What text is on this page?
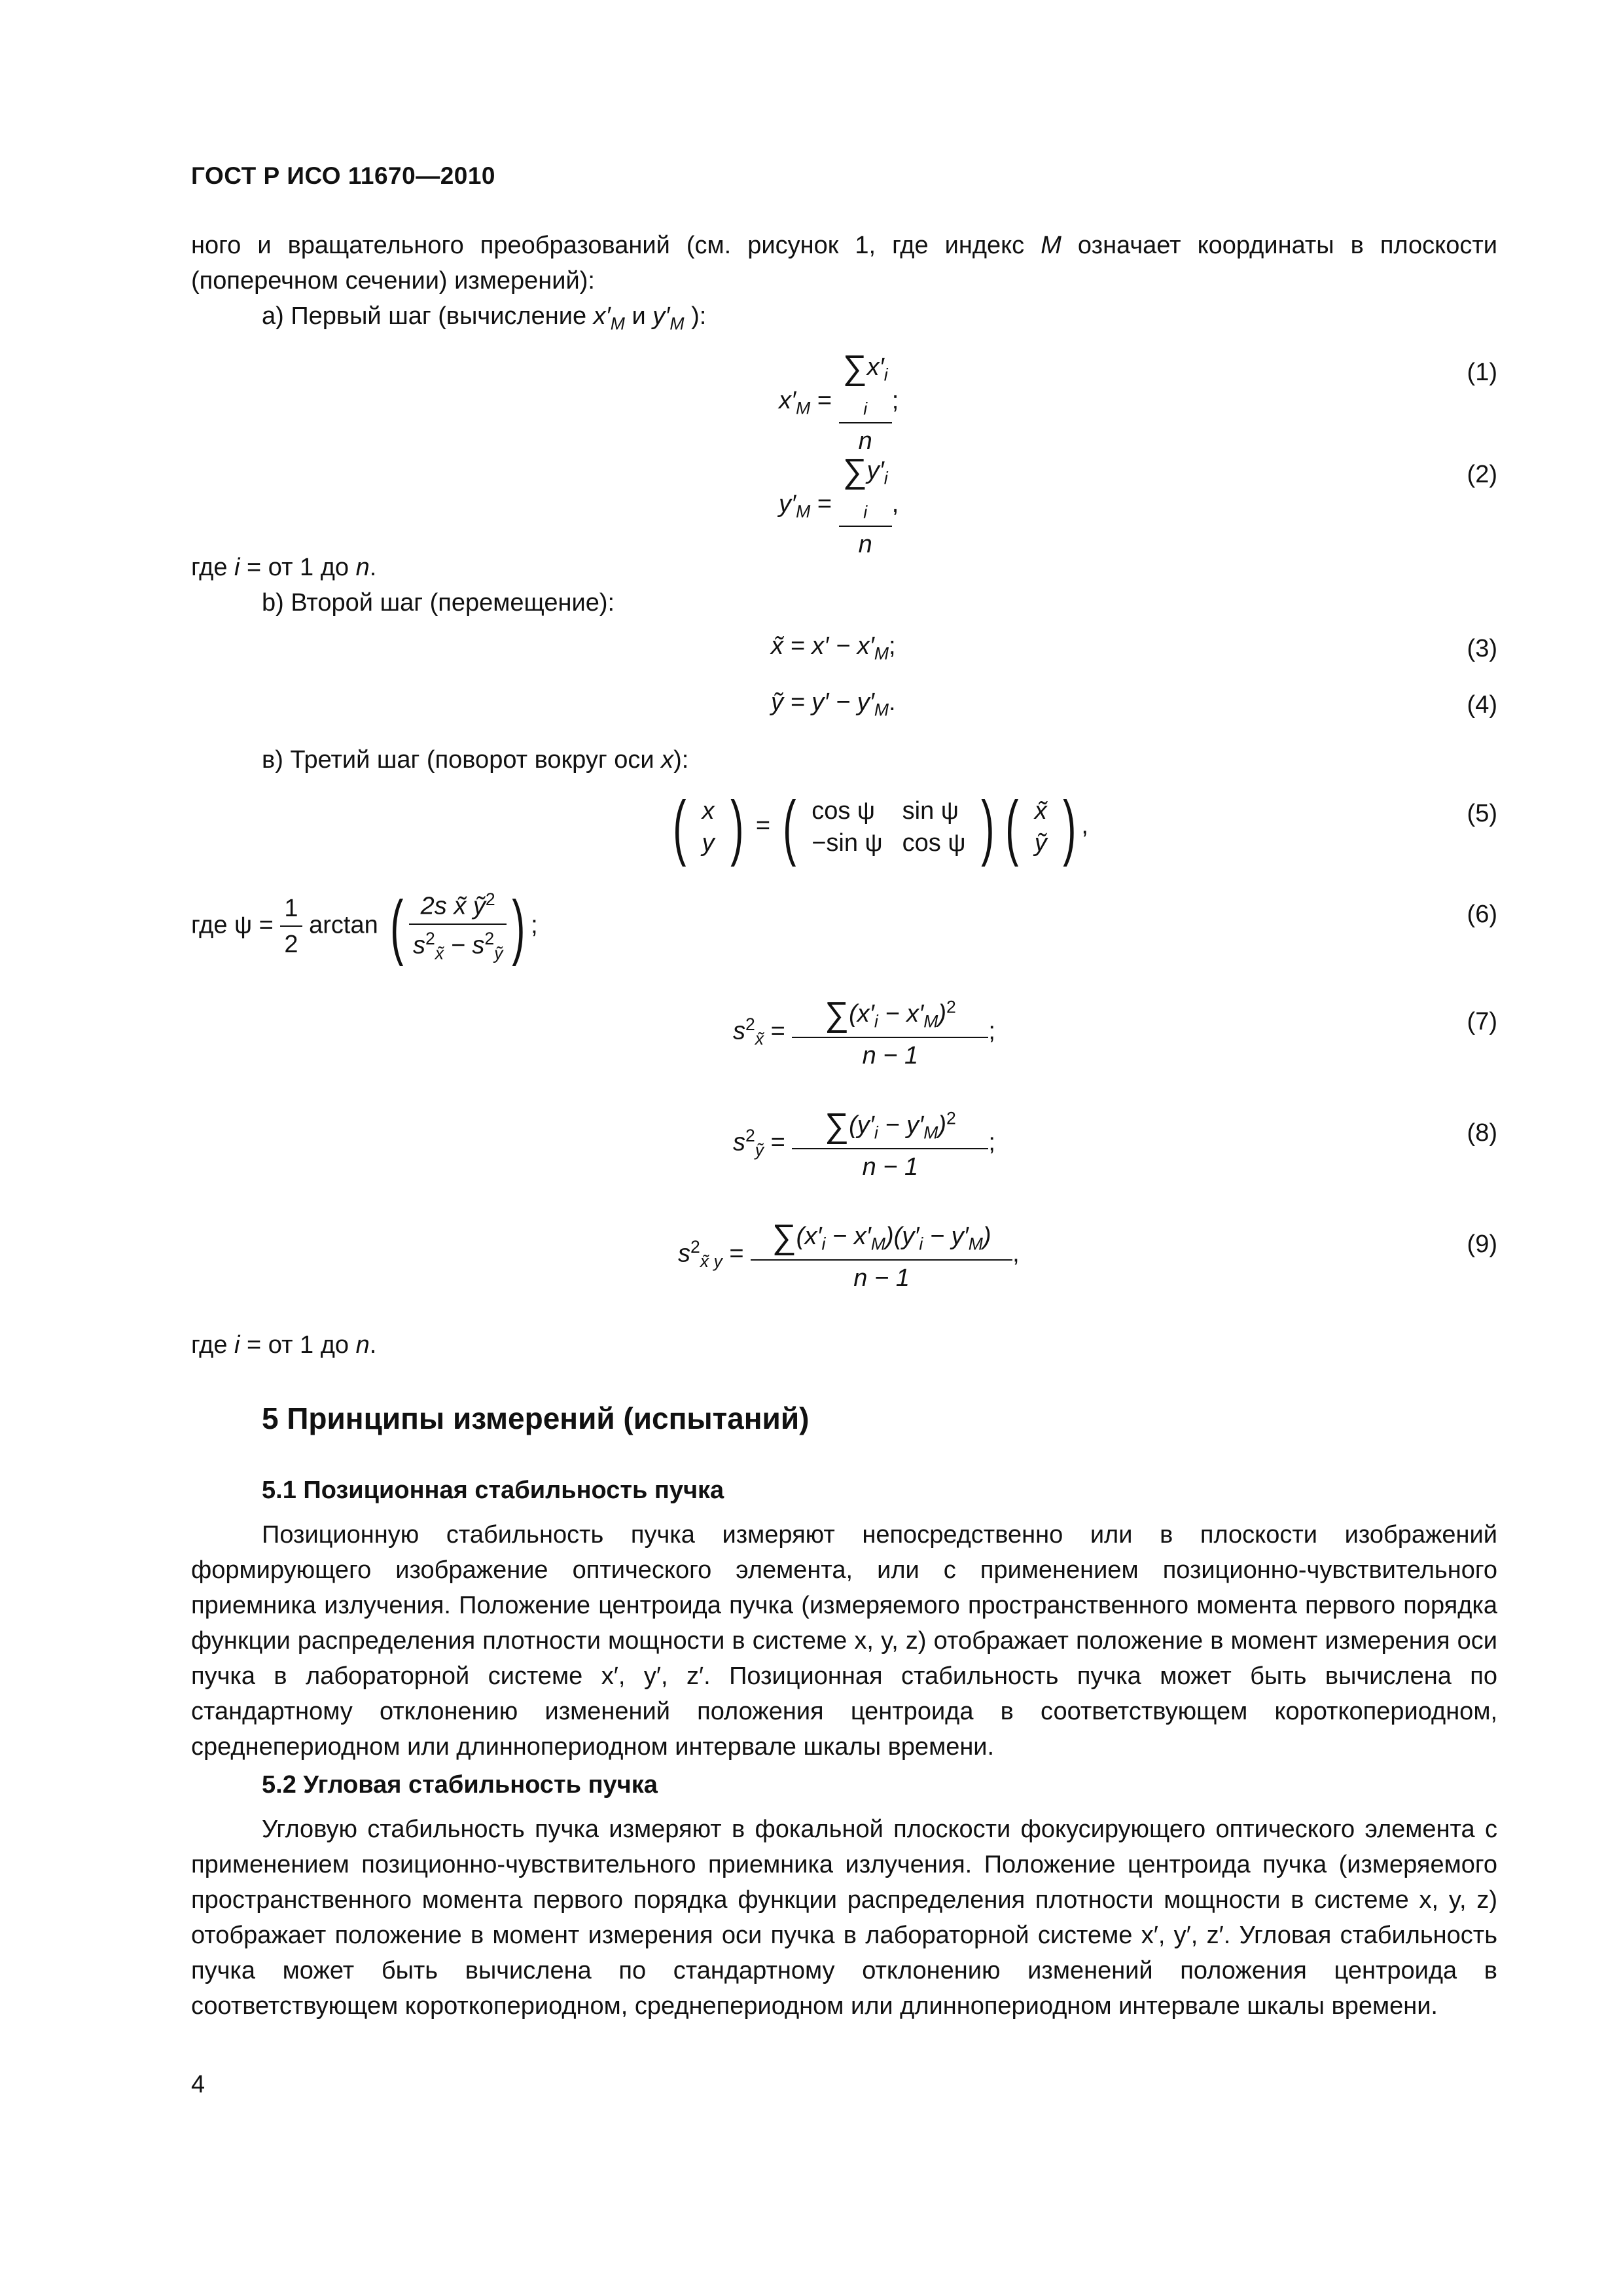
ГОСТ Р ИСО 11670—2010
ного и вращательного преобразований (см. рисунок 1, где индекс M означает координаты в плоскости (поперечном сечении) измерений):
a) Первый шаг (вычисление $x'_M$ и $y'_M$ ):
$x'_M$ =
$\sum x'_i$
$_i$
n
;
(1)
$y'_M$ =
$\sum y'_i$
$_i$
n
,
(2)
где i = от 1 до n.
b) Второй шаг (перемещение):
x̃ = $x' - x'_M$;	(3)
ỹ = $y' - y'_M$.	(4)
в) Третий шаг (поворот вокруг оси x):
( x
y ) = ( cos ψ	sin ψ
−sin ψ	cos ψ ) ( x̃
ỹ ) ,	(5)
где $\psi = \frac{1}{2}$ arctan ( $\frac{2s x̃ ỹ^2}{s^2_{x̃} - s^2_ỹ}$ ) ;	(6)
$s^2_{x̃} = \frac{\sum(x'_i - x'_M)^2}{n - 1}$ ;	(7)
$s^2_ỹ = \frac{\sum(y'_i - y'_M)^2}{n - 1}$ ;	(8)
$s^2_{x̃ y} = \frac{\sum(x'_i - x'_M)(y'_i - y'_M)}{n - 1}$ ,	(9)
где i = от 1 до n.
5 Принципы измерений (испытаний)
5.1 Позиционная стабильность пучка
Позиционную стабильность пучка измеряют непосредственно или в плоскости изображений формирующего изображение оптического элемента, или с применением позиционно-чувствительного приемника излучения. Положение центроида пучка (измеряемого пространственного момента первого порядка функции распределения плотности мощности в системе x, y, z) отображает положение в момент измерения оси пучка в лабораторной системе x′, y′, z′. Позиционная стабильность пучка может быть вычислена по стандартному отклонению изменений положения центроида в соответствующем короткопериодном, среднепериодном или длиннопериодном интервале шкалы времени.
5.2 Угловая стабильность пучка
Угловую стабильность пучка измеряют в фокальной плоскости фокусирующего оптического элемента с применением позиционно-чувствительного приемника излучения. Положение центроида пучка (измеряемого пространственного момента первого порядка функции распределения плотности мощности в системе x, y, z) отображает положение в момент измерения оси пучка в лабораторной системе x′, y′, z′. Угловая стабильность пучка может быть вычислена по стандартному отклонению изменений положения центроида в соответствующем короткопериодном, среднепериодном или длиннопериодном интервале шкалы времени.
4
